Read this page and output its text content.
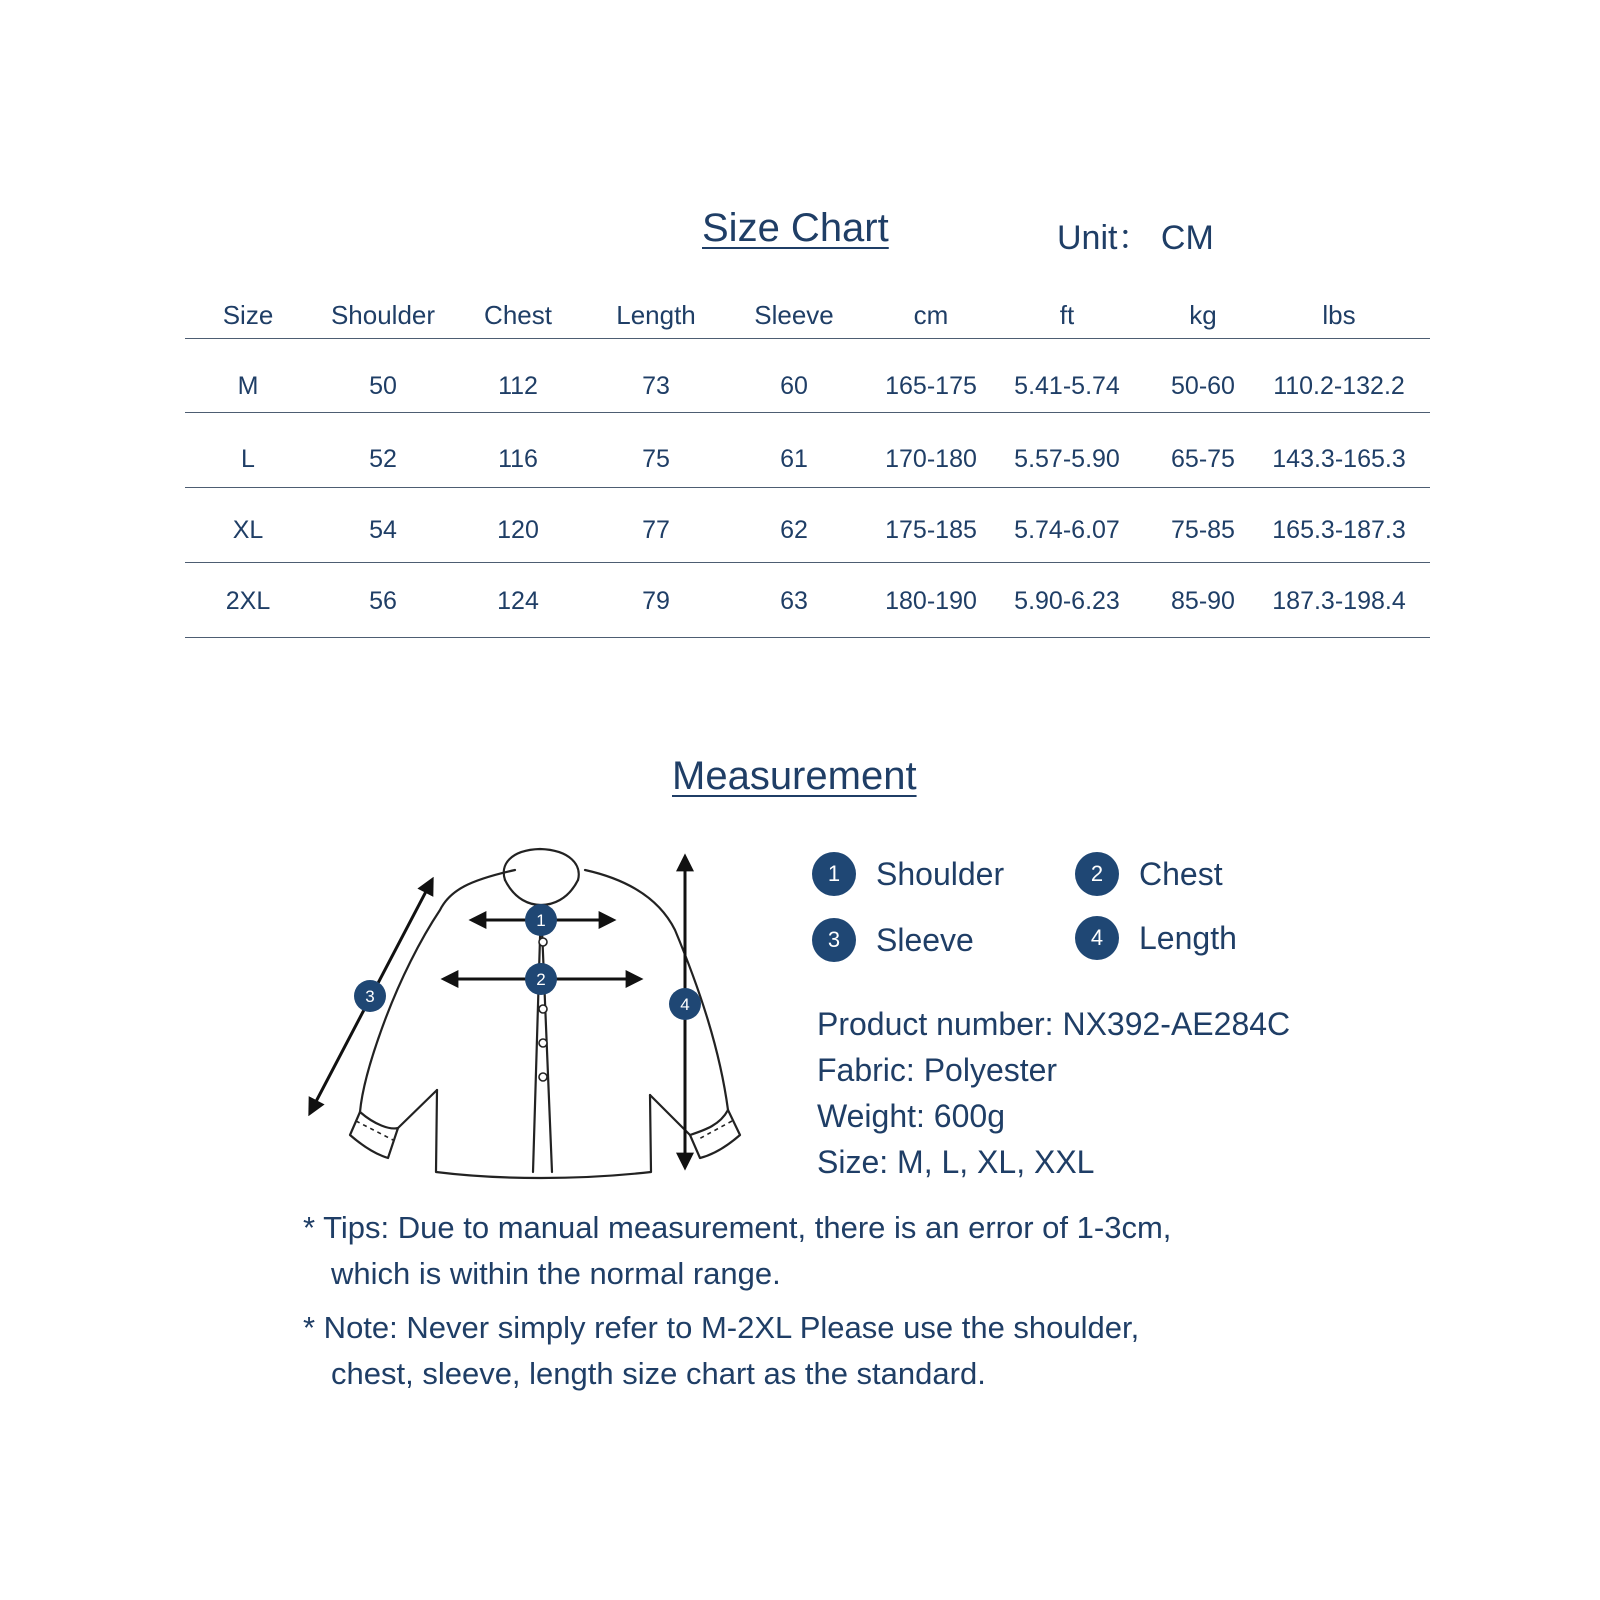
Size Chart	Unit： CM
Size Shoulder Chest Length Sleeve	cm	ft	kg	lbs
M	50	112	73	60	165-175 5.41-5.74 50-60 110.2-132.2
L	52	116	75	61	170-180 5.57-5.90 65-75 143.3-165.3
XL	54	120	77	62	175-185 5.74-6.07 75-85 165.3-187.3
2XL	56	124	79	63	180-190 5.90-6.23 85-90 187.3-198.4
Measurement
1
2
3	4
1	Shoulder	2	Chest
3	Sleeve	4	Length
Product number: NX392-AE284C
Fabric: Polyester
Weight: 600g
Size: M, L, XL, XXL
* Tips: Due to manual measurement, there is an error of 1-3cm,
which is within the normal range.
* Note: Never simply refer to M-2XL Please use the shoulder,
chest, sleeve, length size chart as the standard.
